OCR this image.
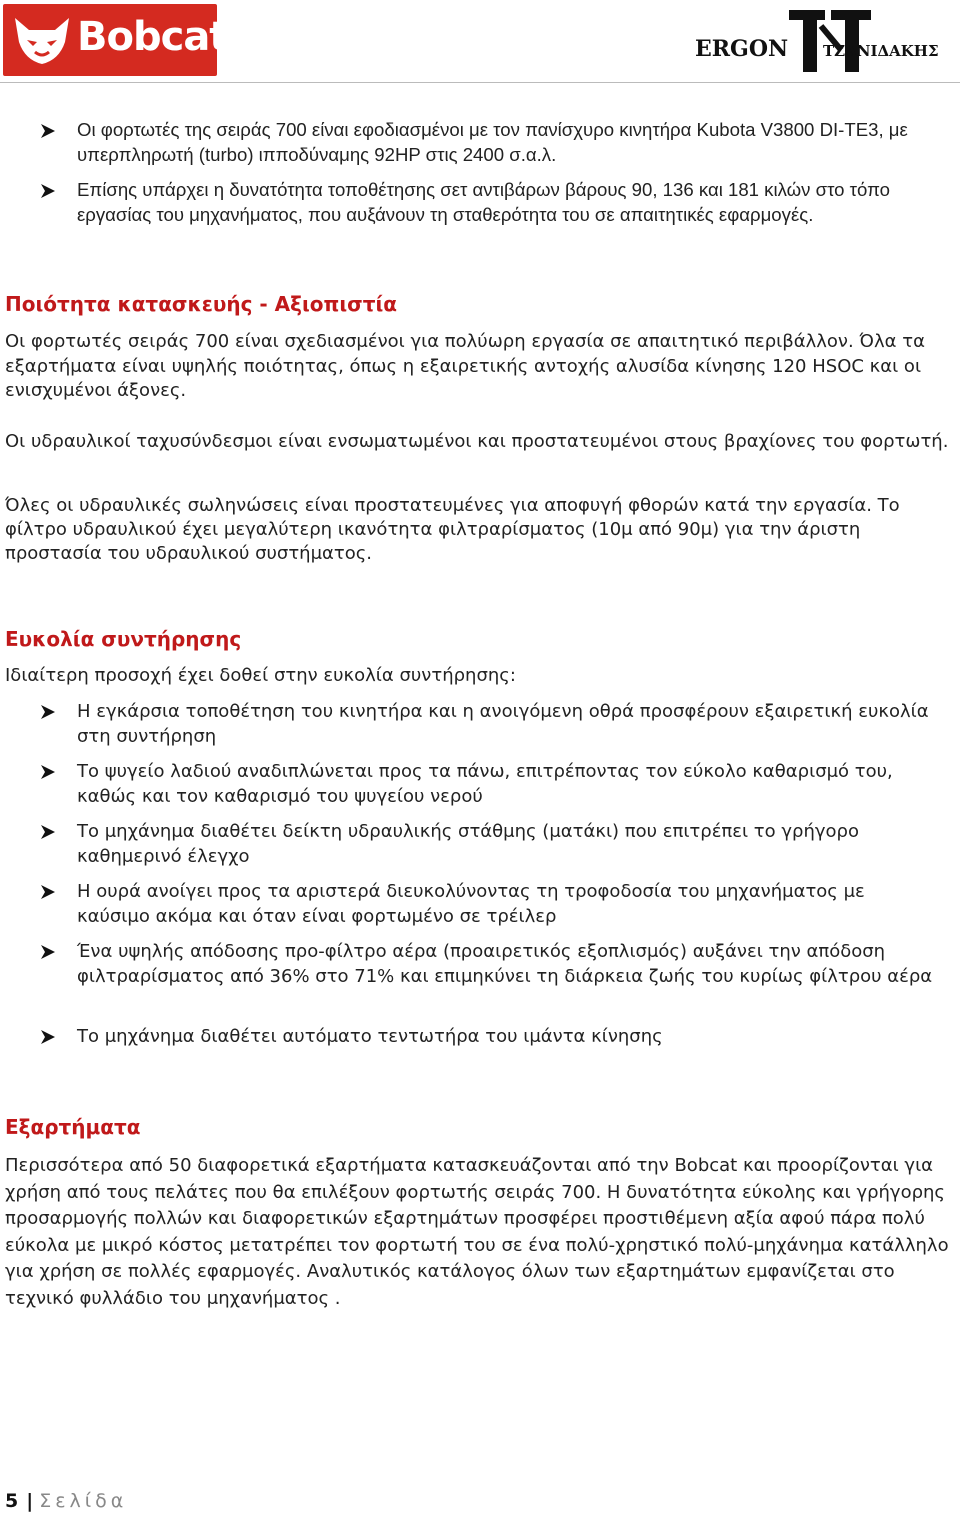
Bobcat	ERGON ΤΖΑΝΙΔΑΚΗΣ
Οι φορτωτές της σειράς 700 είναι εφοδιασμένοι με τον πανίσχυρο κινητήρα Kubota V3800 DI-TE3, με υπερπληρωτή (turbo) ιπποδύναμης 92HP στις 2400 σ.α.λ.
Επίσης υπάρχει η δυνατότητα τοποθέτησης σετ αντιβάρων βάρους 90, 136 και 181 κιλών στο τόπο εργασίας του μηχανήματος, που αυξάνουν τη σταθερότητα του σε απαιτητικές εφαρμογές.
Ποιότητα κατασκευής - Αξιοπιστία
Οι φορτωτές σειράς 700 είναι σχεδιασμένοι για πολύωρη εργασία σε απαιτητικό περιβάλλον. Όλα τα εξαρτήματα είναι υψηλής ποιότητας, όπως η εξαιρετικής αντοχής αλυσίδα κίνησης 120 HSOC και οι ενισχυμένοι άξονες.
Οι υδραυλικοί ταχυσύνδεσμοι είναι ενσωματωμένοι και προστατευμένοι στους βραχίονες του φορτωτή.
Όλες οι υδραυλικές σωληνώσεις είναι προστατευμένες για αποφυγή φθορών κατά την εργασία. Το φίλτρο υδραυλικού έχει μεγαλύτερη ικανότητα φιλτραρίσματος (10μ από 90μ) για την άριστη προστασία του υδραυλικού συστήματος.
Ευκολία συντήρησης
Ιδιαίτερη προσοχή έχει δοθεί στην ευκολία συντήρησης:
Η εγκάρσια τοποθέτηση του κινητήρα και η ανοιγόμενη οθρά προσφέρουν εξαιρετική ευκολία στη συντήρηση
Το ψυγείο λαδιού αναδιπλώνεται προς τα πάνω, επιτρέποντας τον εύκολο καθαρισμό του, καθώς και τον καθαρισμό του ψυγείου νερού
Το μηχάνημα διαθέτει δείκτη υδραυλικής στάθμης (ματάκι) που επιτρέπει το γρήγορο καθημερινό έλεγχο
Η ουρά ανοίγει προς τα αριστερά διευκολύνοντας τη τροφοδοσία του μηχανήματος με καύσιμο ακόμα και όταν είναι φορτωμένο σε τρέιλερ
Ένα υψηλής απόδοσης προ-φίλτρο αέρα (προαιρετικός εξοπλισμός) αυξάνει την απόδοση φιλτραρίσματος από 36% στο 71% και επιμηκύνει τη διάρκεια ζωής του κυρίως φίλτρου αέρα
Το μηχάνημα διαθέτει αυτόματο τεντωτήρα του ιμάντα κίνησης
Εξαρτήματα
Περισσότερα από 50 διαφορετικά εξαρτήματα κατασκευάζονται από την Bobcat και προορίζονται για χρήση από τους πελάτες που θα επιλέξουν φορτωτής σειράς 700. Η δυνατότητα εύκολης και γρήγορης προσαρμογής πολλών και διαφορετικών εξαρτημάτων προσφέρει προστιθέμενη αξία αφού πάρα πολύ εύκολα με μικρό κόστος μετατρέπει τον φορτωτή του σε ένα πολύ-χρηστικό πολύ-μηχάνημα κατάλληλο για χρήση σε πολλές εφαρμογές. Αναλυτικός κατάλογος όλων των εξαρτημάτων εμφανίζεται στο τεχνικό φυλλάδιο του μηχανήματος .
5 | Σελίδα
